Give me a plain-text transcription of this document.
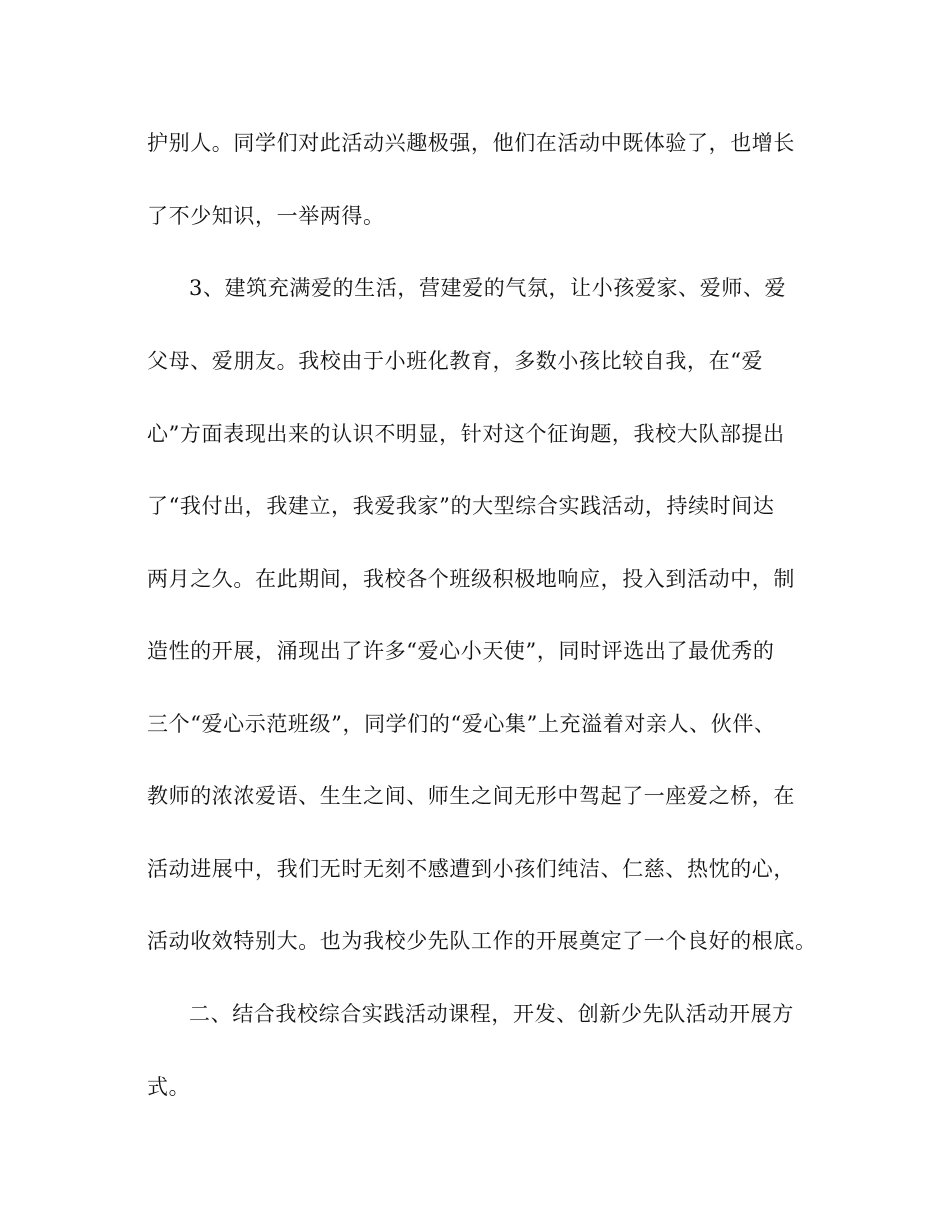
护别人。同学们对此活动兴趣极强，他们在活动中既体验了，也增长
了不少知识，一举两得。
3、建筑充满爱的生活，营建爱的气氛，让小孩爱家、爱师、爱
父母、爱朋友。我校由于小班化教育，多数小孩比较自我，在“爱
心”方面表现出来的认识不明显，针对这个征询题，我校大队部提出
了“我付出，我建立，我爱我家”的大型综合实践活动，持续时间达
两月之久。在此期间，我校各个班级积极地响应，投入到活动中，制
造性的开展，涌现出了许多“爱心小天使”，同时评选出了最优秀的
三个“爱心示范班级”，同学们的“爱心集”上充溢着对亲人、伙伴、
教师的浓浓爱语、生生之间、师生之间无形中驾起了一座爱之桥，在
活动进展中，我们无时无刻不感遭到小孩们纯洁、仁慈、热忱的心，
活动收效特别大。也为我校少先队工作的开展奠定了一个良好的根底。
二、结合我校综合实践活动课程，开发、创新少先队活动开展方
式。
